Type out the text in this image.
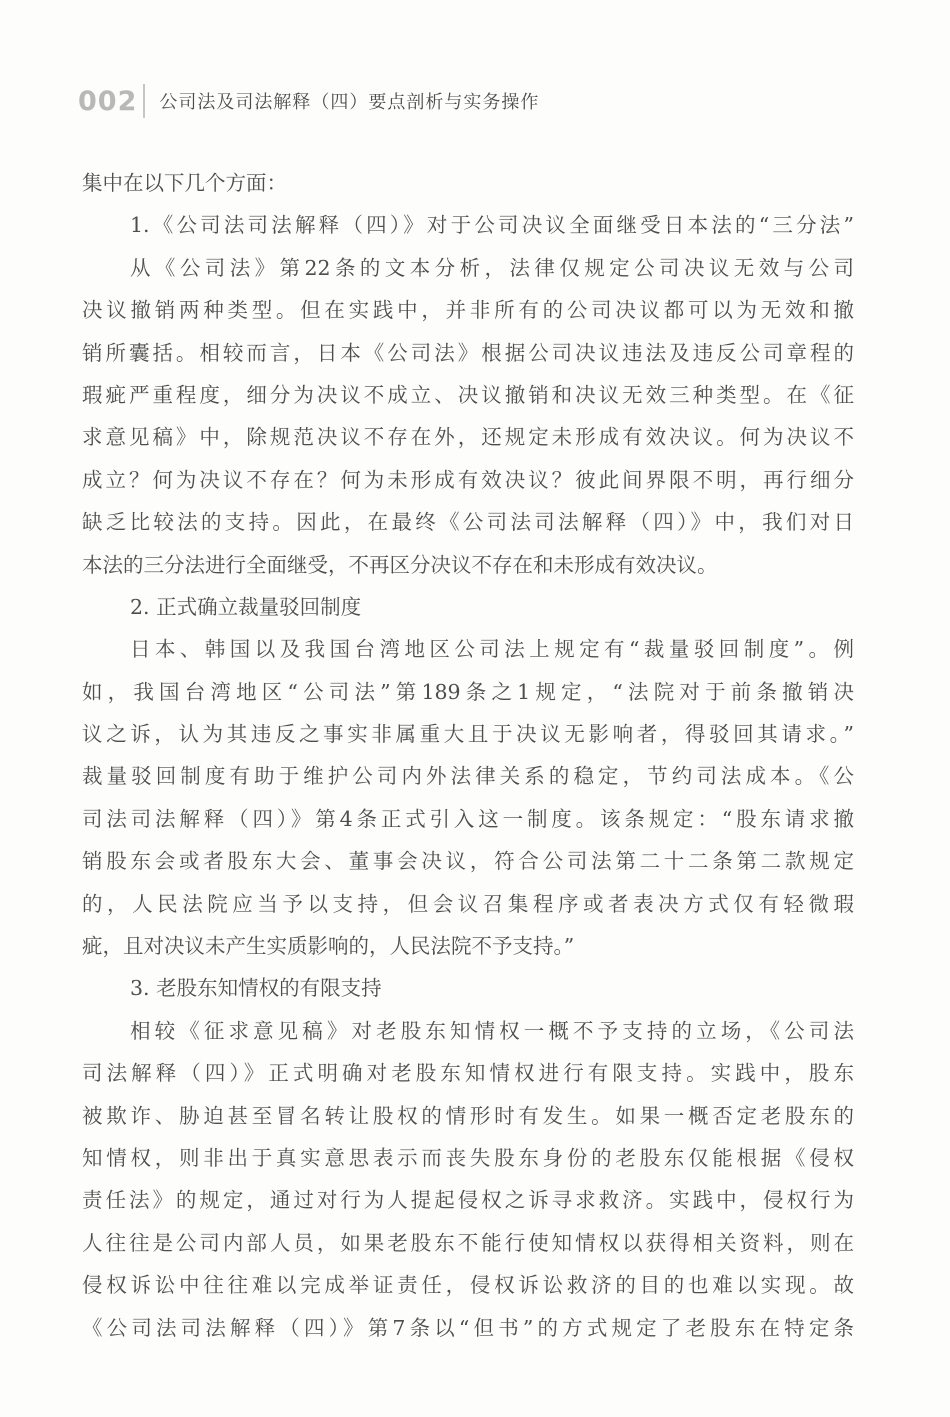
002 公司法及司法解释（四）要点剖析与实务操作
集中在以下几个方面：
1.《公司法司法解释（四）》对于公司决议全面继受日本法的“三分法”
从《公司法》第22条的文本分析，法律仅规定公司决议无效与公司
决议撤销两种类型。但在实践中，并非所有的公司决议都可以为无效和撤
销所囊括。相较而言，日本《公司法》根据公司决议违法及违反公司章程的
瑕疵严重程度，细分为决议不成立、决议撤销和决议无效三种类型。在《征
求意见稿》中，除规范决议不存在外，还规定未形成有效决议。何为决议不
成立？何为决议不存在？何为未形成有效决议？彼此间界限不明，再行细分
缺乏比较法的支持。因此，在最终《公司法司法解释（四）》中，我们对日
本法的三分法进行全面继受，不再区分决议不存在和未形成有效决议。
2. 正式确立裁量驳回制度
日本、韩国以及我国台湾地区公司法上规定有“裁量驳回制度”。例
如，我国台湾地区“公司法”第189条之1规定，“法院对于前条撤销决
议之诉，认为其违反之事实非属重大且于决议无影响者，得驳回其请求。”
裁量驳回制度有助于维护公司内外法律关系的稳定，节约司法成本。《公
司法司法解释（四）》第4条正式引入这一制度。该条规定：“股东请求撤
销股东会或者股东大会、董事会决议，符合公司法第二十二条第二款规定
的，人民法院应当予以支持，但会议召集程序或者表决方式仅有轻微瑕
疵，且对决议未产生实质影响的，人民法院不予支持。”
3. 老股东知情权的有限支持
相较《征求意见稿》对老股东知情权一概不予支持的立场，《公司法
司法解释（四）》正式明确对老股东知情权进行有限支持。实践中，股东
被欺诈、胁迫甚至冒名转让股权的情形时有发生。如果一概否定老股东的
知情权，则非出于真实意思表示而丧失股东身份的老股东仅能根据《侵权
责任法》的规定，通过对行为人提起侵权之诉寻求救济。实践中，侵权行为
人往往是公司内部人员，如果老股东不能行使知情权以获得相关资料，则在
侵权诉讼中往往难以完成举证责任，侵权诉讼救济的目的也难以实现。故
《公司法司法解释（四）》第7条以“但书”的方式规定了老股东在特定条
